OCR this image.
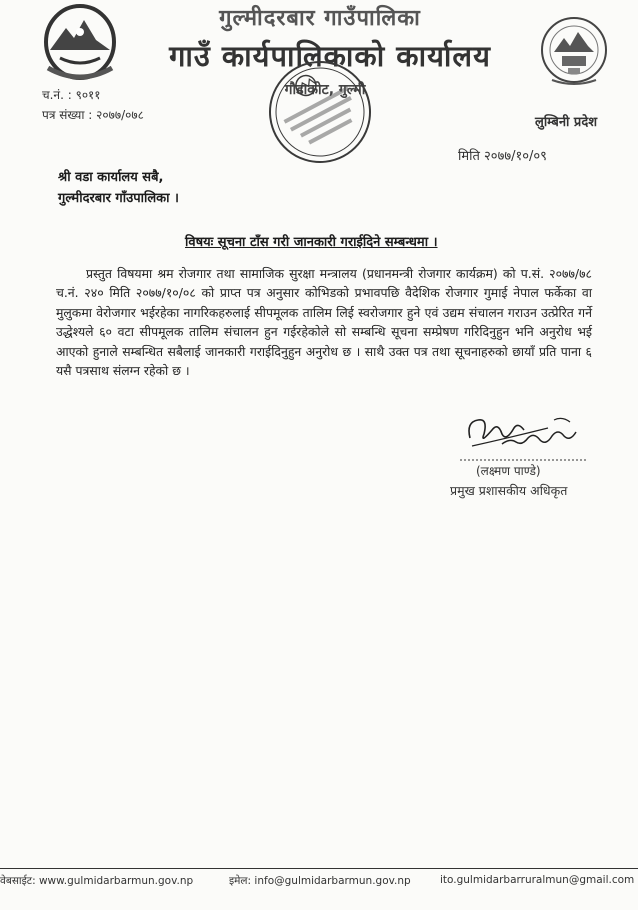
गुल्मीदरबार गाउँपालिका
गाउँ कार्यपालिकाको कार्यालय
गौडाकोट, गुल्मी
च.नं. : ९०११
पत्र संख्या : २०७७/०७८	लुम्बिनी प्रदेश
मिति २०७७/१०/०९
श्री वडा कार्यालय सबै,
गुल्मीदरबार गाँउपालिका ।
विषयः सूचना टाँस गरी जानकारी गराईदिने सम्बन्धमा ।
प्रस्तुत विषयमा श्रम रोजगार तथा सामाजिक सुरक्षा मन्त्रालय (प्रधानमन्त्री रोजगार कार्यक्रम) को प.सं. २०७७/७८ च.नं. २४० मिति २०७७/१०/०८ को प्राप्त पत्र अनुसार कोभिडको प्रभावपछि वैदेशिक रोजगार गुमाई नेपाल फर्केका वा मुलुकमा वेरोजगार भईरहेका नागरिकहरुलाई सीपमूलक तालिम लिई स्वरोजगार हुने एवं उद्यम संचालन गराउन उत्प्रेरित गर्ने उद्धेश्यले ६० वटा सीपमूलक तालिम संचालन हुन गईरहेकोले सो सम्बन्धि सूचना सम्प्रेषण गरिदिनुहुन भनि अनुरोध भई आएको हुनाले सम्बन्धित सबैलाई जानकारी गराईदिनुहुन अनुरोध छ । साथै उक्त पत्र तथा सूचनाहरुको छायाँ प्रति पाना ६ यसै पत्रसाथ संलग्न रहेको छ ।
(लक्ष्मण पाण्डे)
प्रमुख प्रशासकीय अधिकृत
वेबसाईट: www.gulmidarbarmun.gov.np	इमेल: info@gulmidarbarmun.gov.np	ito.gulmidarbarruralmun@gmail.com
